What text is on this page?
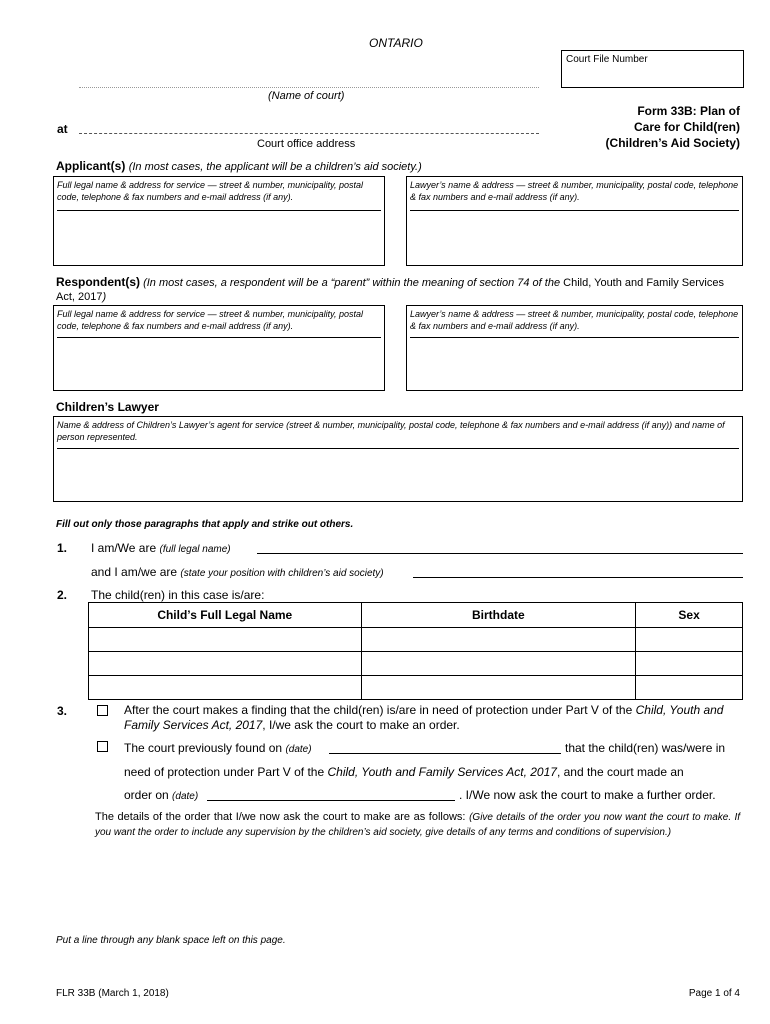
ONTARIO
Court File Number
(Name of court)
at
Court office address
Form 33B: Plan of
Care for Child(ren)
(Children’s Aid Society)
Applicant(s) (In most cases, the applicant will be a children’s aid society.)
Full legal name & address for service — street & number, municipality, postal code, telephone & fax numbers and e-mail address (if any).
Lawyer’s name & address — street & number, municipality, postal code, telephone & fax numbers and e-mail address (if any).
Respondent(s) (In most cases, a respondent will be a “parent” within the meaning of section 74 of the Child, Youth and Family Services Act, 2017)
Full legal name & address for service — street & number, municipality, postal code, telephone & fax numbers and e-mail address (if any).
Lawyer’s name & address — street & number, municipality, postal code, telephone & fax numbers and e-mail address (if any).
Children’s Lawyer
Name & address of Children’s Lawyer’s agent for service (street & number, municipality, postal code, telephone & fax numbers and e-mail address (if any)) and name of person represented.
Fill out only those paragraphs that apply and strike out others.
1. I am/We are (full legal name)
and I am/we are (state your position with children’s aid society)
2. The child(ren) in this case is/are:
Child’s Full Legal Name	Birthdate	Sex

3.	After the court makes a finding that the child(ren) is/are in need of protection under Part V of the Child, Youth and Family Services Act, 2017, I/we ask the court to make an order.
The court previously found on (date)	that the child(ren) was/were in
need of protection under Part V of the Child, Youth and Family Services Act, 2017, and the court made an
order on (date)	. I/We now ask the court to make a further order.
The details of the order that I/we now ask the court to make are as follows: (Give details of the order you now want the court to make. If you want the order to include any supervision by the children’s aid society, give details of any terms and conditions of supervision.)
Put a line through any blank space left on this page.
FLR 33B (March 1, 2018)	Page 1 of 4
